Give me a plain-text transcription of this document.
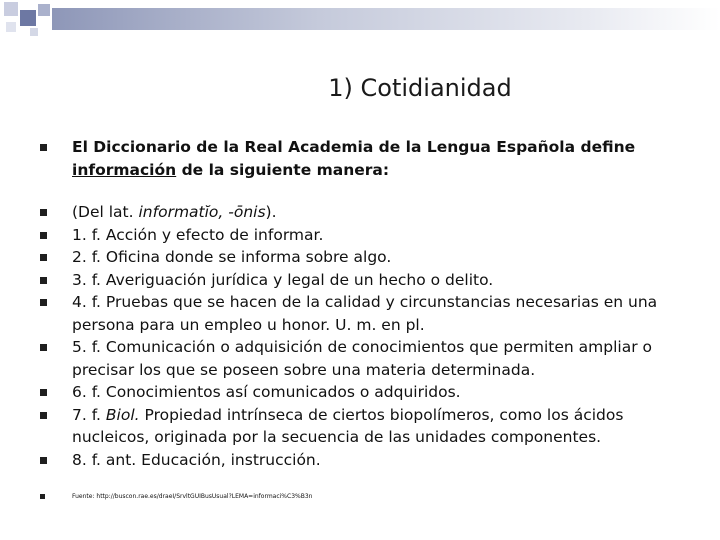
1) Cotidianidad
El Diccionario de la Real Academia de la Lengua Española define información de la siguiente manera:
(Del lat. informatĭo, -ōnis).
1. f. Acción y efecto de informar.
2. f. Oficina donde se informa sobre algo.
3. f. Averiguación jurídica y legal de un hecho o delito.
4. f. Pruebas que se hacen de la calidad y circunstancias necesarias en una persona para un empleo u honor. U. m. en pl.
5. f. Comunicación o adquisición de conocimientos que permiten ampliar o precisar los que se poseen sobre una materia determinada.
6. f. Conocimientos así comunicados o adquiridos.
7. f. Biol. Propiedad intrínseca de ciertos biopolímeros, como los ácidos nucleicos, originada por la secuencia de las unidades componentes.
8. f. ant. Educación, instrucción.
Fuente: http://buscon.rae.es/draeI/SrvltGUIBusUsual?LEMA=informaci%C3%B3n
